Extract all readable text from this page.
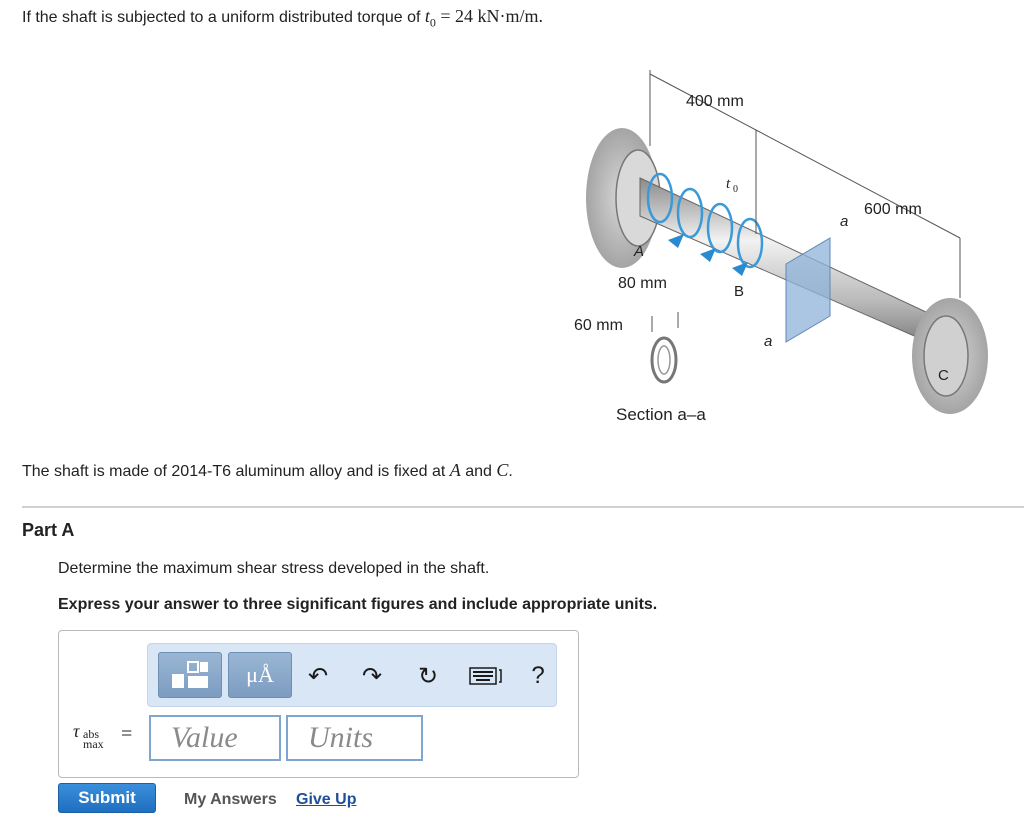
If the shaft is subjected to a uniform distributed torque of $t_0 = 24$ kN·m/m.
400 mm
600 mm
80 mm
60 mm
t 0
a
a
A
B
C
Section a–a
The shaft is made of 2014-T6 aluminum alloy and is fixed at A and C.
Part A
Determine the maximum shear stress developed in the shaft.
Express your answer to three significant figures and include appropriate units.
μÅ ↶ ↷ ↻	?
τ abs
max =
Value
Units
Submit	My Answers Give Up
